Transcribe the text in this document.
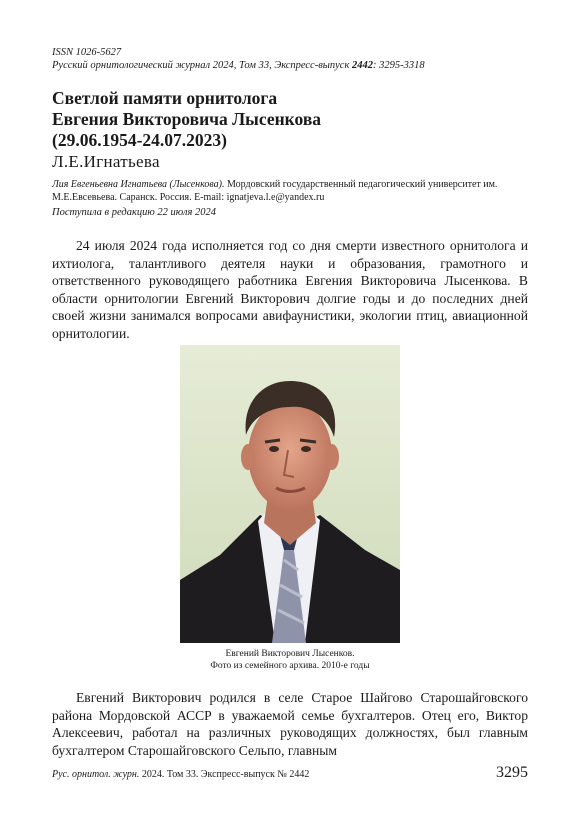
ISSN 1026-5627
Русский орнитологический журнал 2024, Том 33, Экспресс-выпуск 2442: 3295-3318
Светлой памяти орнитолога
Евгения Викторовича Лысенкова
(29.06.1954-24.07.2023)
Л.Е.Игнатьева
Лия Евгеньевна Игнатьева (Лысенкова). Мордовский государственный педагогический университет им. М.Е.Евсевьева. Саранск. Россия. E-mail: ignatjeva.l.e@yandex.ru
Поступила в редакцию 22 июля 2024

24 июля 2024 года исполняется год со дня смерти известного орнитолога и ихтиолога, талантливого деятеля науки и образования, грамотного и ответственного руководящего работника Евгения Викторовича Лысенкова. В области орнитологии Евгений Викторович долгие годы и до последних дней своей жизни занимался вопросами авифаунистики, экологии птиц, авиационной орнитологии.

Евгений Викторович Лысенков.
Фото из семейного архива. 2010-е годы

Евгений Викторович родился в селе Старое Шайгово Старошайговского района Мордовской АССР в уважаемой семье бухгалтеров. Отец его, Виктор Алексеевич, работал на различных руководящих должностях, был главным бухгалтером Старошайговского Сельпо, главным

Рус. орнитол. журн. 2024. Том 33. Экспресс-выпуск № 2442	3295
